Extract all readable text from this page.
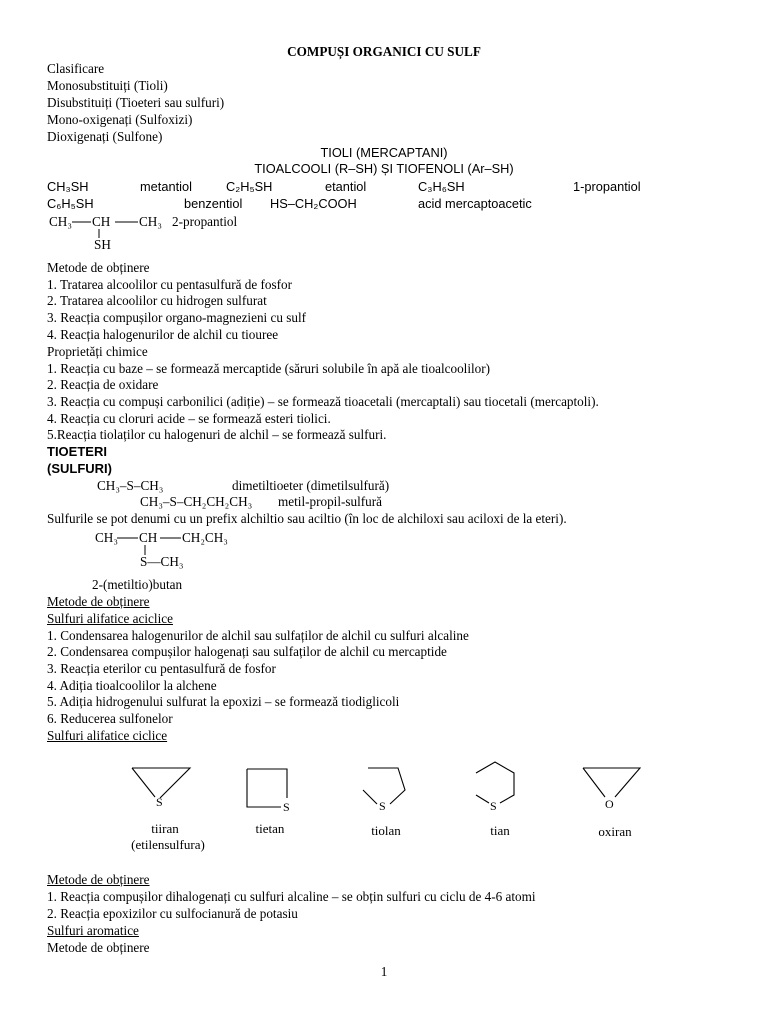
COMPUȘI ORGANICI CU SULF
Clasificare
Monosubstituiți (Tioli)
Disubstituiți (Tioeteri sau sulfuri)
Mono-oxigenați (Sulfoxizi)
Dioxigenați (Sulfone)
TIOLI (MERCAPTANI)
TIOALCOOLI (R–SH) ȘI TIOFENOLI (Ar–SH)
CH₃SH	metantiol	C₂H₅SH	etantiol	C₃H₆SH	1-propantiol
C₆H₅SH	benzentiol HS–CH₂COOH	acid mercaptoacetic
CH₃ CH CH₃ 2-propantiol
SH
Metode de obținere
1. Tratarea alcoolilor cu pentasulfură de fosfor
2. Tratarea alcoolilor cu hidrogen sulfurat
3. Reacția compușilor organo-magnezieni cu sulf
4. Reacția halogenurilor de alchil cu tiouree
Proprietăți chimice
1. Reacția cu baze – se formează mercaptide (săruri solubile în apă ale tioalcoolilor)
2. Reacția de oxidare
3. Reacția cu compuși carbonilici (adiție) – se formează tioacetali (mercaptali) sau tiocetali (mercaptoli).
4. Reacția cu cloruri acide – se formează esteri tiolici.
5.Reacția tiolaților cu halogenuri de alchil – se formează sulfuri.
TIOETERI
(SULFURI)
CH₃–S–CH₃	dimetiltioeter (dimetilsulfură)
CH₃–S–CH₂CH₂CH₃ metil-propil-sulfură
Sulfurile se pot denumi cu un prefix alchiltio sau aciltio (în loc de alchiloxi sau aciloxi de la eteri).
CH₃ CH CH₂CH₃
S—CH₃
2-(metiltio)butan
Metode de obținere
Sulfuri alifatice aciclice
1. Condensarea halogenurilor de alchil sau sulfaților de alchil cu sulfuri alcaline
2. Condensarea compușilor halogenați sau sulfaților de alchil cu mercaptide
3. Reacția eterilor cu pentasulfură de fosfor
4. Adiția tioalcoolilor la alchene
5. Adiția hidrogenului sulfurat la epoxizi – se formează tiodiglicoli
6. Reducerea sulfonelor
Sulfuri alifatice ciclice
S	S	S	S	O
tiiran
(etilensulfura)
tietan	tiolan	tian	oxiran
Metode de obținere
1. Reacția compușilor dihalogenați cu sulfuri alcaline – se obțin sulfuri cu ciclu de 4-6 atomi
2. Reacția epoxizilor cu sulfocianură de potasiu
Sulfuri aromatice
Metode de obținere
1
